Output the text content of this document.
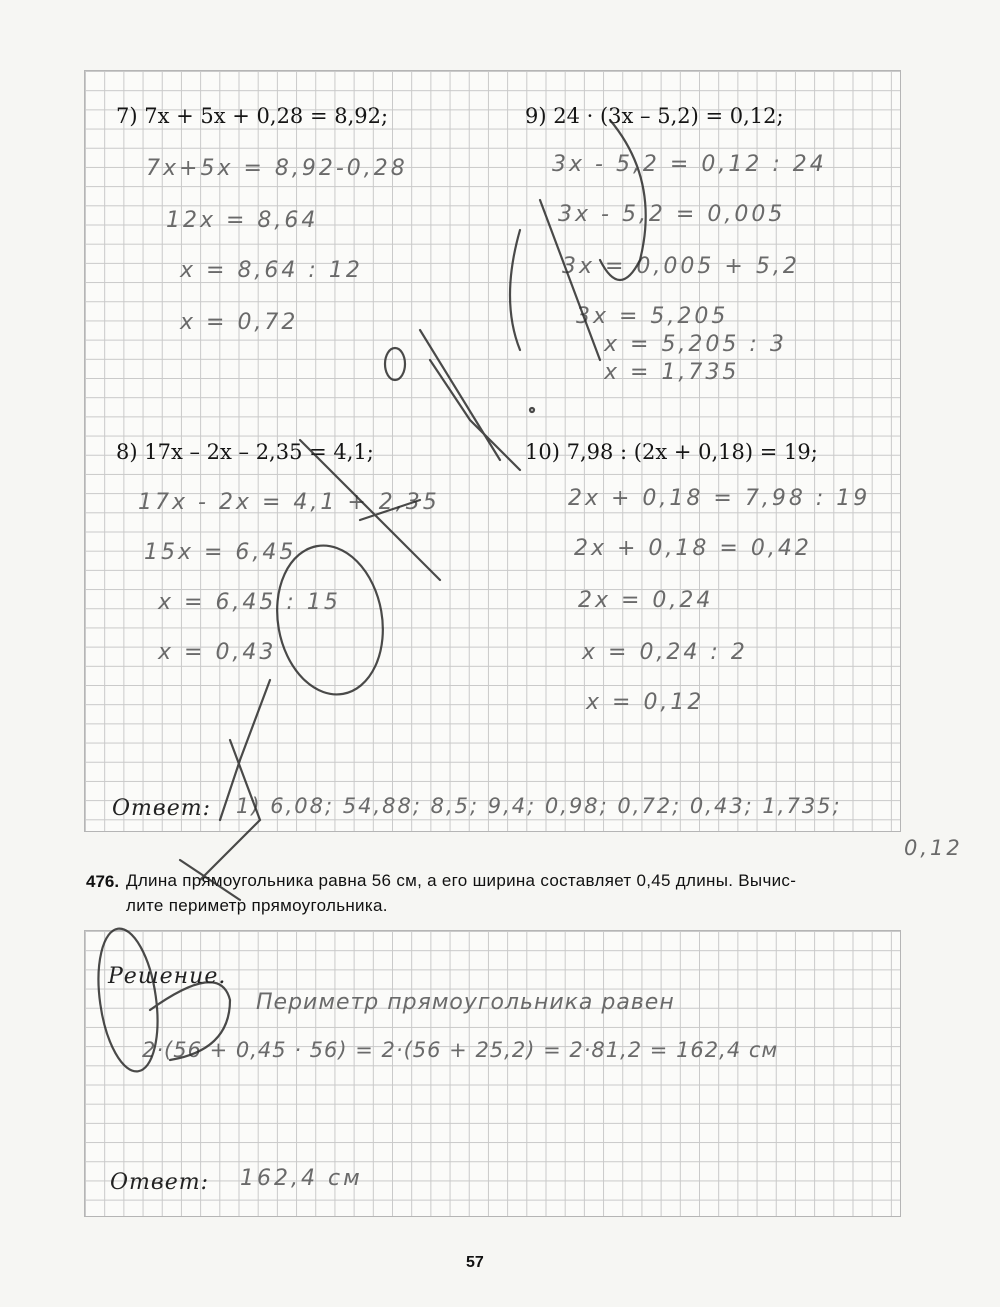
7) 7x + 5x + 0,28 = 8,92;
7x+5x = 8,92-0,28
12x = 8,64
x = 8,64 : 12
x = 0,72
9) 24 · (3x – 5,2) = 0,12;
3x - 5,2 = 0,12 : 24
3x - 5,2 = 0,005
3x = 0,005 + 5,2
3x = 5,205
x = 5,205 : 3
x = 1,735
8) 17x – 2x – 2,35 = 4,1;
17x - 2x = 4,1 + 2,35
15x = 6,45
x = 6,45 : 15
x = 0,43
10) 7,98 : (2x + 0,18) = 19;
2x + 0,18 = 7,98 : 19
2x + 0,18 = 0,42
2x = 0,24
x = 0,24 : 2
x = 0,12
Ответ: 1) 6,08; 54,88; 8,5; 9,4; 0,98; 0,72; 0,43; 1,735;
0,12
476. Длина прямоугольника равна 56 см, а его ширина составляет 0,45 длины. Вычис-
лите периметр прямоугольника.
Решение.
Периметр прямоугольника равен
2·(56 + 0,45 · 56) = 2·(56 + 25,2) = 2·81,2 = 162,4 см
Ответ: 162,4 см
57
